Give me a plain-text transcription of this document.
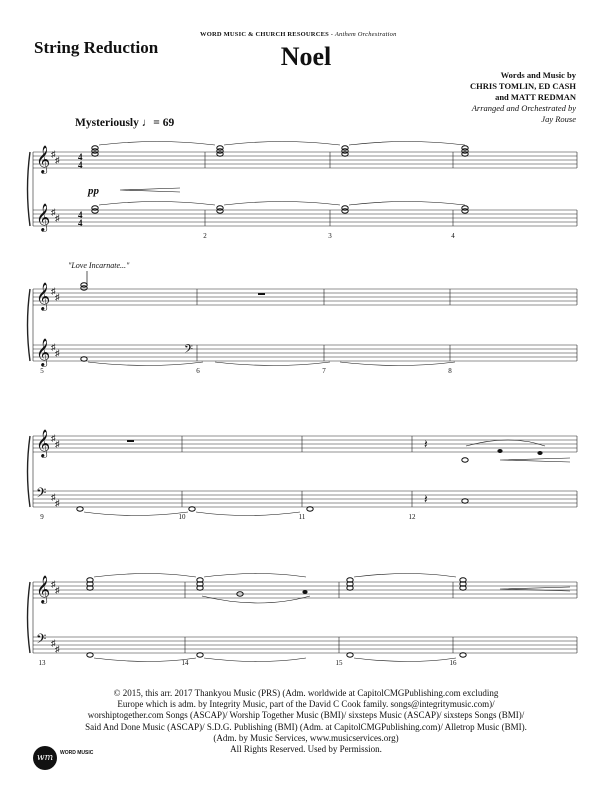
String Reduction
WORD MUSIC & CHURCH RESOURCES - Anthem Orchestration
Noel
Words and Music by
CHRIS TOMLIN, ED CASH
and MATT REDMAN
Arranged and Orchestrated by
Jay Rouse
Mysteriously ♩= 69
"Love Incarnate..."
𝄞 ♯
♯ 4
4
𝄞 ♯
♯ 4
4
2	3	4
𝄞 ♯
♯
𝄞 ♯
♯
5	6	7	8
𝄞 ♯
♯
𝄢 ♯
♯
9	10	11	12
𝄞 ♯
♯
𝄢 ♯
♯
13	14	15	16
pp
𝄢
𝄽
𝄽
© 2015, this arr. 2017 Thankyou Music (PRS) (Adm. worldwide at CapitolCMGPublishing.com excluding
Europe which is adm. by Integrity Music, part of the David C Cook family. songs@integritymusic.com)/
worshiptogether.com Songs (ASCAP)/ Worship Together Music (BMI)/ sixsteps Music (ASCAP)/ sixsteps Songs (BMI)/
Said And Done Music (ASCAP)/ S.D.G. Publishing (BMI) (Adm. at CapitolCMGPublishing.com)/ Alletrop Music (BMI).
(Adm. by Music Services, www.musicservices.org)
All Rights Reserved. Used by Permission.
wm	WORD MUSIC
